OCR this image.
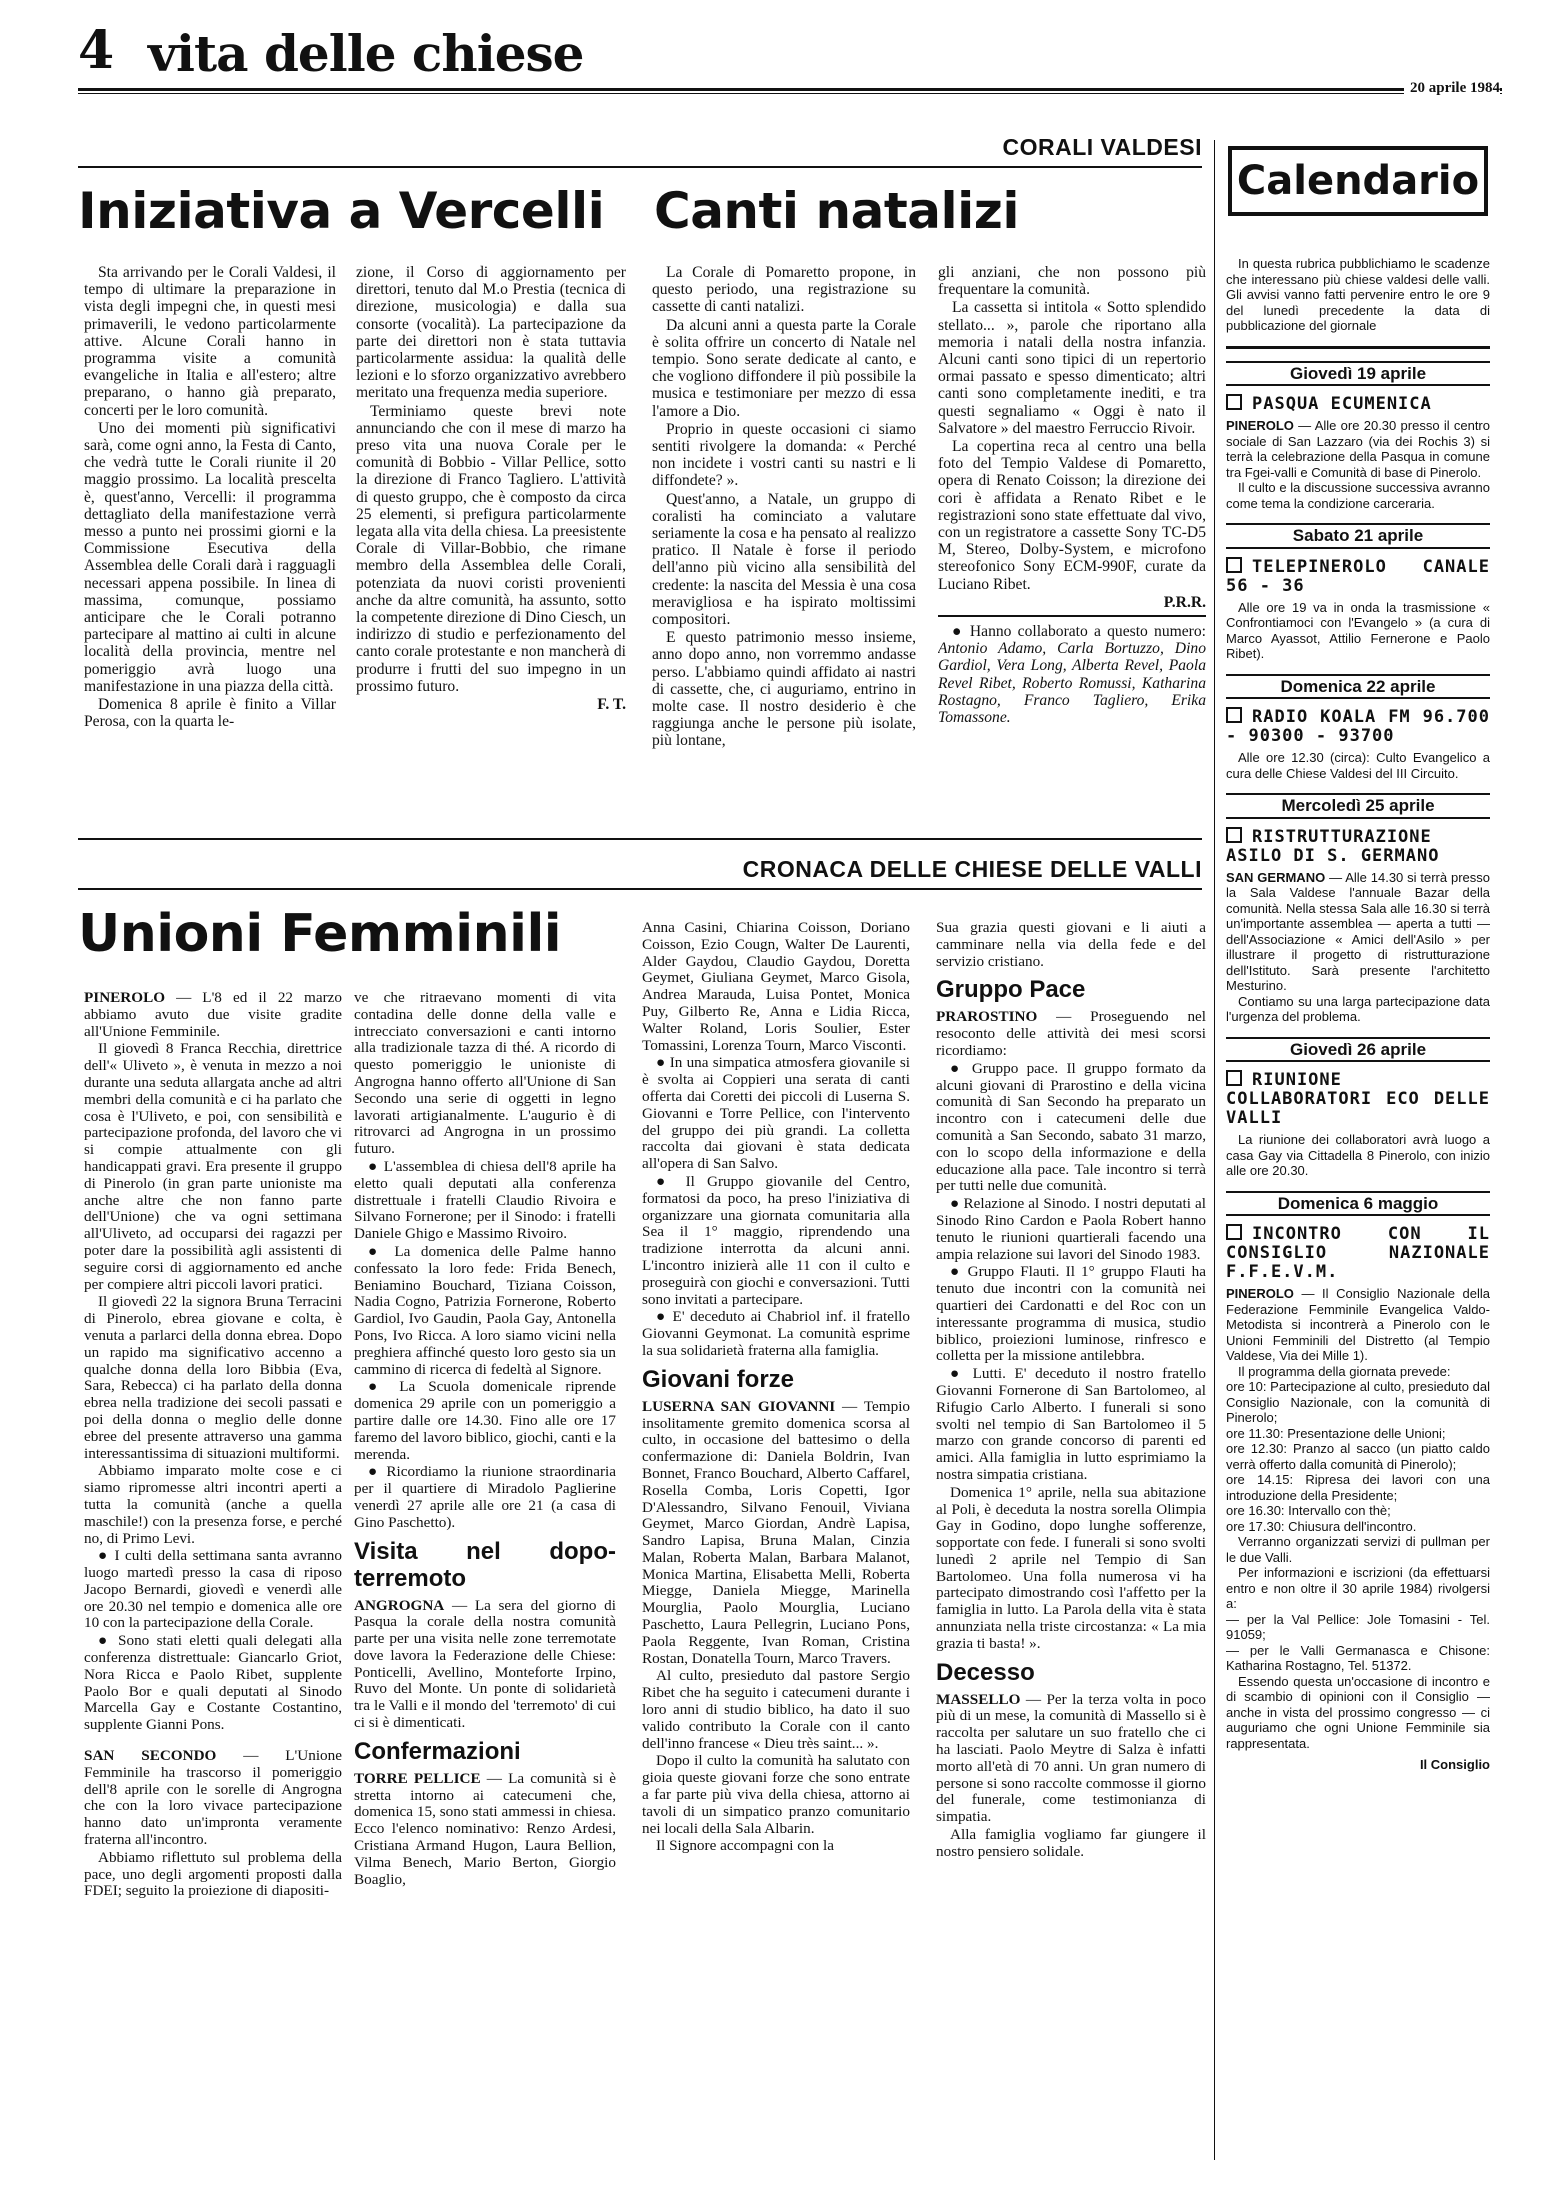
4 vita delle chiese
20 aprile 1984
CORALI VALDESI
Iniziativa a Vercelli Canti natalizi

Sta arrivando per le Corali Valdesi, il tempo di ultimare la preparazione in vista degli impegni che, in questi mesi primaverili, le vedono particolarmente attive. Alcune Corali hanno in programma visite a comunità evangeliche in Italia e all'estero; altre preparano, o hanno già preparato, concerti per le loro comunità.

Uno dei momenti più significativi sarà, come ogni anno, la Festa di Canto, che vedrà tutte le Corali riunite il 20 maggio prossimo. La località prescelta è, quest'anno, Vercelli: il programma dettagliato della manifestazione verrà messo a punto nei prossimi giorni e la Commissione Esecutiva della Assemblea delle Corali darà i ragguagli necessari appena possibile. In linea di massima, comunque, possiamo anticipare che le Corali potranno partecipare al mattino ai culti in alcune località della provincia, mentre nel pomeriggio avrà luogo una manifestazione in una piazza della città.

Domenica 8 aprile è finito a Villar Perosa, con la quarta le-

zione, il Corso di aggiornamento per direttori, tenuto dal M.o Prestia (tecnica di direzione, musicologia) e dalla sua consorte (vocalità). La partecipazione da parte dei direttori non è stata tuttavia particolarmente assidua: la qualità delle lezioni e lo sforzo organizzativo avrebbero meritato una frequenza media superiore.

Terminiamo queste brevi note annunciando che con il mese di marzo ha preso vita una nuova Corale per le comunità di Bobbio - Villar Pellice, sotto la direzione di Franco Tagliero. L'attività di questo gruppo, che è composto da circa 25 elementi, si prefigura particolarmente legata alla vita della chiesa. La preesistente Corale di Villar-Bobbio, che rimane membro della Assemblea delle Corali, potenziata da nuovi coristi provenienti anche da altre comunità, ha assunto, sotto la competente direzione di Dino Ciesch, un indirizzo di studio e perfezionamento del canto corale protestante e non mancherà di produrre i frutti del suo impegno in un prossimo futuro.

F. T.

La Corale di Pomaretto propone, in questo periodo, una registrazione su cassette di canti natalizi.

Da alcuni anni a questa parte la Corale è solita offrire un concerto di Natale nel tempio. Sono serate dedicate al canto, e che vogliono diffondere il più possibile la musica e testimoniare per mezzo di essa l'amore a Dio.

Proprio in queste occasioni ci siamo sentiti rivolgere la domanda: « Perché non incidete i vostri canti su nastri e li diffondete? ».

Quest'anno, a Natale, un gruppo di coralisti ha cominciato a valutare seriamente la cosa e ha pensato al realizzo pratico. Il Natale è forse il periodo dell'anno più vicino alla sensibilità del credente: la nascita del Messia è una cosa meravigliosa e ha ispirato moltissimi compositori.

E questo patrimonio messo insieme, anno dopo anno, non vorremmo andasse perso. L'abbiamo quindi affidato ai nastri di cassette, che, ci auguriamo, entrino in molte case. Il nostro desiderio è che raggiunga anche le persone più isolate, più lontane,

gli anziani, che non possono più frequentare la comunità.

La cassetta si intitola « Sotto splendido stellato... », parole che riportano alla memoria i natali della nostra infanzia. Alcuni canti sono tipici di un repertorio ormai passato e spesso dimenticato; altri canti sono completamente inediti, e tra questi segnaliamo « Oggi è nato il Salvatore » del maestro Ferruccio Rivoir.

La copertina reca al centro una bella foto del Tempio Valdese di Pomaretto, opera di Renato Coisson; la direzione dei cori è affidata a Renato Ribet e le registrazioni sono state effettuate dal vivo, con un registratore a cassette Sony TC-D5 M, Stereo, Dolby-System, e microfono stereofonico Sony ECM-990F, curate da Luciano Ribet.

P.R.R.

● Hanno collaborato a questo numero: Antonio Adamo, Carla Bortuzzo, Dino Gardiol, Vera Long, Alberta Revel, Paola Revel Ribet, Roberto Romussi, Katharina Rostagno, Franco Tagliero, Erika Tomassone.

CRONACA DELLE CHIESE DELLE VALLI
Unioni Femminili

PINEROLO — L'8 ed il 22 marzo abbiamo avuto due visite gradite all'Unione Femminile.

Il giovedì 8 Franca Recchia, direttrice dell'« Uliveto », è venuta in mezzo a noi durante una seduta allargata anche ad altri membri della comunità e ci ha parlato che cosa è l'Uliveto, e poi, con sensibilità e partecipazione profonda, del lavoro che vi si compie attualmente con gli handicappati gravi. Era presente il gruppo di Pinerolo (in gran parte unioniste ma anche altre che non fanno parte dell'Unione) che va ogni settimana all'Uliveto, ad occuparsi dei ragazzi per poter dare la possibilità agli assistenti di seguire corsi di aggiornamento ed anche per compiere altri piccoli lavori pratici.

Il giovedì 22 la signora Bruna Terracini di Pinerolo, ebrea giovane e colta, è venuta a parlarci della donna ebrea. Dopo un rapido ma significativo accenno a qualche donna della loro Bibbia (Eva, Sara, Rebecca) ci ha parlato della donna ebrea nella tradizione dei secoli passati e poi della donna o meglio delle donne ebree del presente attraverso una gamma interessantissima di situazioni multiformi.

Abbiamo imparato molte cose e ci siamo ripromesse altri incontri aperti a tutta la comunità (anche a quella maschile!) con la presenza forse, e perché no, di Primo Levi.

● I culti della settimana santa avranno luogo martedì presso la casa di riposo Jacopo Bernardi, giovedì e venerdì alle ore 20.30 nel tempio e domenica alle ore 10 con la partecipazione della Corale.

● Sono stati eletti quali delegati alla conferenza distrettuale: Giancarlo Griot, Nora Ricca e Paolo Ribet, supplente Paolo Bor e quali deputati al Sinodo Marcella Gay e Costante Costantino, supplente Gianni Pons.

SAN SECONDO — L'Unione Femminile ha trascorso il pomeriggio dell'8 aprile con le sorelle di Angrogna che con la loro vivace partecipazione hanno dato un'impronta veramente fraterna all'incontro.

Abbiamo riflettuto sul problema della pace, uno degli argomenti proposti dalla FDEI; seguito la proiezione di diapositi-

ve che ritraevano momenti di vita contadina delle donne della valle e intrecciato conversazioni e canti intorno alla tradizionale tazza di thé. A ricordo di questo pomeriggio le unioniste di Angrogna hanno offerto all'Unione di San Secondo una serie di oggetti in legno lavorati artigianalmente. L'augurio è di ritrovarci ad Angrogna in un prossimo futuro.

● L'assemblea di chiesa dell'8 aprile ha eletto quali deputati alla conferenza distrettuale i fratelli Claudio Rivoira e Silvano Fornerone; per il Sinodo: i fratelli Daniele Ghigo e Massimo Rivoiro.

● La domenica delle Palme hanno confessato la loro fede: Frida Benech, Beniamino Bouchard, Tiziana Coisson, Nadia Cogno, Patrizia Fornerone, Roberto Gardiol, Ivo Gaudin, Paola Gay, Antonella Pons, Ivo Ricca. A loro siamo vicini nella preghiera affinché questo loro gesto sia un cammino di ricerca di fedeltà al Signore.

● La Scuola domenicale riprende domenica 29 aprile con un pomeriggio a partire dalle ore 14.30. Fino alle ore 17 faremo del lavoro biblico, giochi, canti e la merenda.

● Ricordiamo la riunione straordinaria per il quartiere di Miradolo Paglierine venerdì 27 aprile alle ore 21 (a casa di Gino Paschetto).

Visita nel dopo-terremoto

ANGROGNA — La sera del giorno di Pasqua la corale della nostra comunità parte per una visita nelle zone terremotate dove lavora la Federazione delle Chiese: Ponticelli, Avellino, Monteforte Irpino, Ruvo del Monte. Un ponte di solidarietà tra le Valli e il mondo del 'terremoto' di cui ci si è dimenticati.

Confermazioni

TORRE PELLICE — La comunità si è stretta intorno ai catecumeni che, domenica 15, sono stati ammessi in chiesa. Ecco l'elenco nominativo: Renzo Ardesi, Cristiana Armand Hugon, Laura Bellion, Vilma Benech, Mario Berton, Giorgio Boaglio,

Anna Casini, Chiarina Coisson, Doriano Coisson, Ezio Cougn, Walter De Laurenti, Alder Gaydou, Claudio Gaydou, Doretta Geymet, Giuliana Geymet, Marco Gisola, Andrea Marauda, Luisa Pontet, Monica Puy, Gilberto Re, Anna e Lidia Ricca, Walter Roland, Loris Soulier, Ester Tomassini, Lorenza Tourn, Marco Visconti.

● In una simpatica atmosfera giovanile si è svolta ai Coppieri una serata di canti offerta dai Coretti dei piccoli di Luserna S. Giovanni e Torre Pellice, con l'intervento del gruppo dei più grandi. La colletta raccolta dai giovani è stata dedicata all'opera di San Salvo.

● Il Gruppo giovanile del Centro, formatosi da poco, ha preso l'iniziativa di organizzare una giornata comunitaria alla Sea il 1° maggio, riprendendo una tradizione interrotta da alcuni anni. L'incontro inizierà alle 11 con il culto e proseguirà con giochi e conversazioni. Tutti sono invitati a partecipare.

● E' deceduto ai Chabriol inf. il fratello Giovanni Geymonat. La comunità esprime la sua solidarietà fraterna alla famiglia.

Giovani forze

LUSERNA SAN GIOVANNI — Tempio insolitamente gremito domenica scorsa al culto, in occasione del battesimo o della confermazione di: Daniela Boldrin, Ivan Bonnet, Franco Bouchard, Alberto Caffarel, Rosella Comba, Loris Copetti, Igor D'Alessandro, Silvano Fenouil, Viviana Geymet, Marco Giordan, Andrè Lapisa, Sandro Lapisa, Bruna Malan, Cinzia Malan, Roberta Malan, Barbara Malanot, Monica Martina, Elisabetta Melli, Roberta Miegge, Daniela Miegge, Marinella Mourglia, Paolo Mourglia, Luciano Paschetto, Laura Pellegrin, Luciano Pons, Paola Reggente, Ivan Roman, Cristina Rostan, Donatella Tourn, Marco Travers.

Al culto, presieduto dal pastore Sergio Ribet che ha seguito i catecumeni durante i loro anni di studio biblico, ha dato il suo valido contributo la Corale con il canto dell'inno francese « Dieu très saint... ».

Dopo il culto la comunità ha salutato con gioia queste giovani forze che sono entrate a far parte più viva della chiesa, attorno ai tavoli di un simpatico pranzo comunitario nei locali della Sala Albarin.

Il Signore accompagni con la

Sua grazia questi giovani e li aiuti a camminare nella via della fede e del servizio cristiano.

Gruppo Pace

PRAROSTINO — Proseguendo nel resoconto delle attività dei mesi scorsi ricordiamo:

● Gruppo pace. Il gruppo formato da alcuni giovani di Prarostino e della vicina comunità di San Secondo ha preparato un incontro con i catecumeni delle due comunità a San Secondo, sabato 31 marzo, con lo scopo della informazione e della educazione alla pace. Tale incontro si terrà per tutti nelle due comunità.

● Relazione al Sinodo. I nostri deputati al Sinodo Rino Cardon e Paola Robert hanno tenuto le riunioni quartierali facendo una ampia relazione sui lavori del Sinodo 1983.

● Gruppo Flauti. Il 1° gruppo Flauti ha tenuto due incontri con la comunità nei quartieri dei Cardonatti e del Roc con un interessante programma di musica, studio biblico, proiezioni luminose, rinfresco e colletta per la missione antilebbra.

● Lutti. E' deceduto il nostro fratello Giovanni Fornerone di San Bartolomeo, al Rifugio Carlo Alberto. I funerali si sono svolti nel tempio di San Bartolomeo il 5 marzo con grande concorso di parenti ed amici. Alla famiglia in lutto esprimiamo la nostra simpatia cristiana.

Domenica 1° aprile, nella sua abitazione al Poli, è deceduta la nostra sorella Olimpia Gay in Godino, dopo lunghe sofferenze, sopportate con fede. I funerali si sono svolti lunedì 2 aprile nel Tempio di San Bartolomeo. Una folla numerosa vi ha partecipato dimostrando così l'affetto per la famiglia in lutto. La Parola della vita è stata annunziata nella triste circostanza: « La mia grazia ti basta! ».

Decesso

MASSELLO — Per la terza volta in poco più di un mese, la comunità di Massello si è raccolta per salutare un suo fratello che ci ha lasciati. Paolo Meytre di Salza è infatti morto all'età di 70 anni. Un gran numero di persone si sono raccolte commosse il giorno del funerale, come testimonianza di simpatia.

Alla famiglia vogliamo far giungere il nostro pensiero solidale.

Calendario

In questa rubrica pubblichiamo le scadenze che interessano più chiese valdesi delle valli. Gli avvisi vanno fatti pervenire entro le ore 9 del lunedì precedente la data di pubblicazione del giornale

Giovedì 19 aprile
PASQUA ECUMENICA

PINEROLO — Alle ore 20.30 presso il centro sociale di San Lazzaro (via dei Rochis 3) si terrà la celebrazione della Pasqua in comune tra Fgei-valli e Comunità di base di Pinerolo.

Il culto e la discussione successiva avranno come tema la condizione carceraria.

Sabato 21 aprile
TELEPINEROLO CANALE 56 - 36

Alle ore 19 va in onda la trasmissione « Confrontiamoci con l'Evangelo » (a cura di Marco Ayassot, Attilio Fernerone e Paolo Ribet).

Domenica 22 aprile
RADIO KOALA FM 96.700 - 90300 - 93700

Alle ore 12.30 (circa): Culto Evangelico a cura delle Chiese Valdesi del III Circuito.

Mercoledì 25 aprile
RISTRUTTURAZIONE ASILO DI S. GERMANO

SAN GERMANO — Alle 14.30 si terrà presso la Sala Valdese l'annuale Bazar della comunità. Nella stessa Sala alle 16.30 si terrà un'importante assemblea — aperta a tutti — dell'Associazione « Amici dell'Asilo » per illustrare il progetto di ristrutturazione dell'Istituto. Sarà presente l'architetto Mesturino.

Contiamo su una larga partecipazione data l'urgenza del problema.

Giovedì 26 aprile
RIUNIONE COLLABORATORI ECO DELLE VALLI

La riunione dei collaboratori avrà luogo a casa Gay via Cittadella 8 Pinerolo, con inizio alle ore 20.30.

Domenica 6 maggio
INCONTRO CON IL CONSIGLIO NAZIONALE F.F.E.V.M.

PINEROLO — Il Consiglio Nazionale della Federazione Femminile Evangelica Valdo-Metodista si incontrerà a Pinerolo con le Unioni Femminili del Distretto (al Tempio Valdese, Via dei Mille 1).

Il programma della giornata prevede:

ore 10: Partecipazione al culto, presieduto dal Consiglio Nazionale, con la comunità di Pinerolo;

ore 11.30: Presentazione delle Unioni;

ore 12.30: Pranzo al sacco (un piatto caldo verrà offerto dalla comunità di Pinerolo);

ore 14.15: Ripresa dei lavori con una introduzione della Presidente;

ore 16.30: Intervallo con thè;

ore 17.30: Chiusura dell'incontro.

Verranno organizzati servizi di pullman per le due Valli.

Per informazioni e iscrizioni (da effettuarsi entro e non oltre il 30 aprile 1984) rivolgersi a:

— per la Val Pellice: Jole Tomasini - Tel. 91059;

— per le Valli Germanasca e Chisone: Katharina Rostagno, Tel. 51372.

Essendo questa un'occasione di incontro e di scambio di opinioni con il Consiglio — anche in vista del prossimo congresso — ci auguriamo che ogni Unione Femminile sia rappresentata.

Il Consiglio
